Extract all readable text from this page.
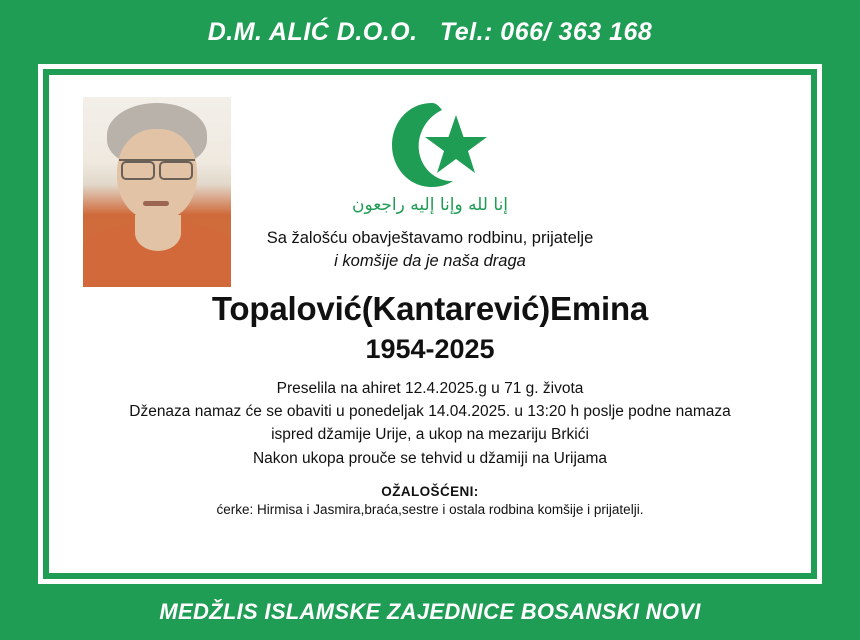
D.M. ALIĆ D.O.O.   Tel.: 066/ 363 168
إنا لله وإنا إليه راجعون
Sa žalošću obavještavamo rodbinu, prijatelje
i komšije da je naša draga
Topalović(Kantarević)Emina
1954-2025
Preselila na ahiret 12.4.2025.g u 71 g. života
Dženaza namaz će se obaviti u ponedeljak 14.04.2025. u 13:20 h poslje podne namaza
ispred džamije Urije, a ukop na mezariju Brkići
Nakon ukopa prouče se tehvid u džamiji na Urijama
OŽALOŠĆENI:
ćerke: Hirmisa i Jasmira,braća,sestre i ostala rodbina komšije i prijatelji.
MEDŽLIS ISLAMSKE ZAJEDNICE BOSANSKI NOVI
